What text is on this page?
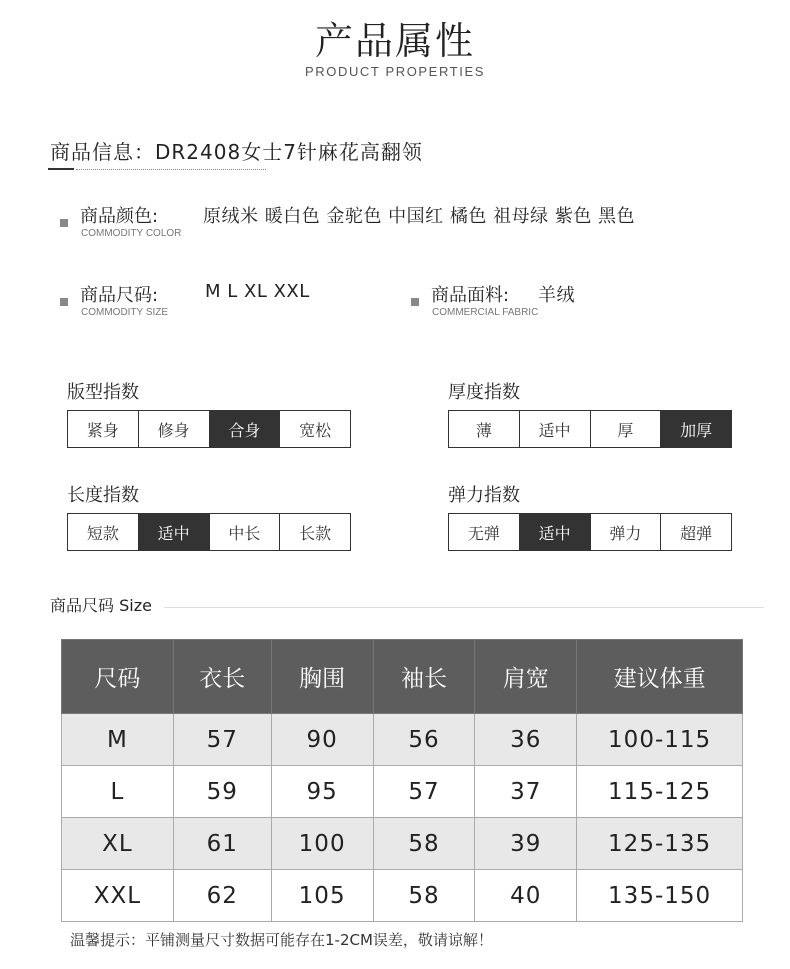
产品属性
PRODUCT PROPERTIES
商品信息：DR2408女士7针麻花高翻领
商品颜色:
COMMODITY COLOR
原绒米 暖白色 金驼色 中国红 橘色 祖母绿 紫色 黑色
商品尺码:
COMMODITY SIZE
M L XL XXL	商品面料:
COMMERCIAL FABRIC
羊绒
版型指数
紧身	修身	合身	宽松
厚度指数
薄	适中	厚	加厚
长度指数
短款	适中	中长	长款
弹力指数
无弹	适中	弹力	超弹
商品尺码 Size
尺码	衣长	胸围	袖长	肩宽	建议体重
M	57	90	56	36	100-115
L	59	95	57	37	115-125
XL	61	100	58	39	125-135
XXL	62	105	58	40	135-150
温馨提示：平铺测量尺寸数据可能存在1-2CM误差，敬请谅解！
